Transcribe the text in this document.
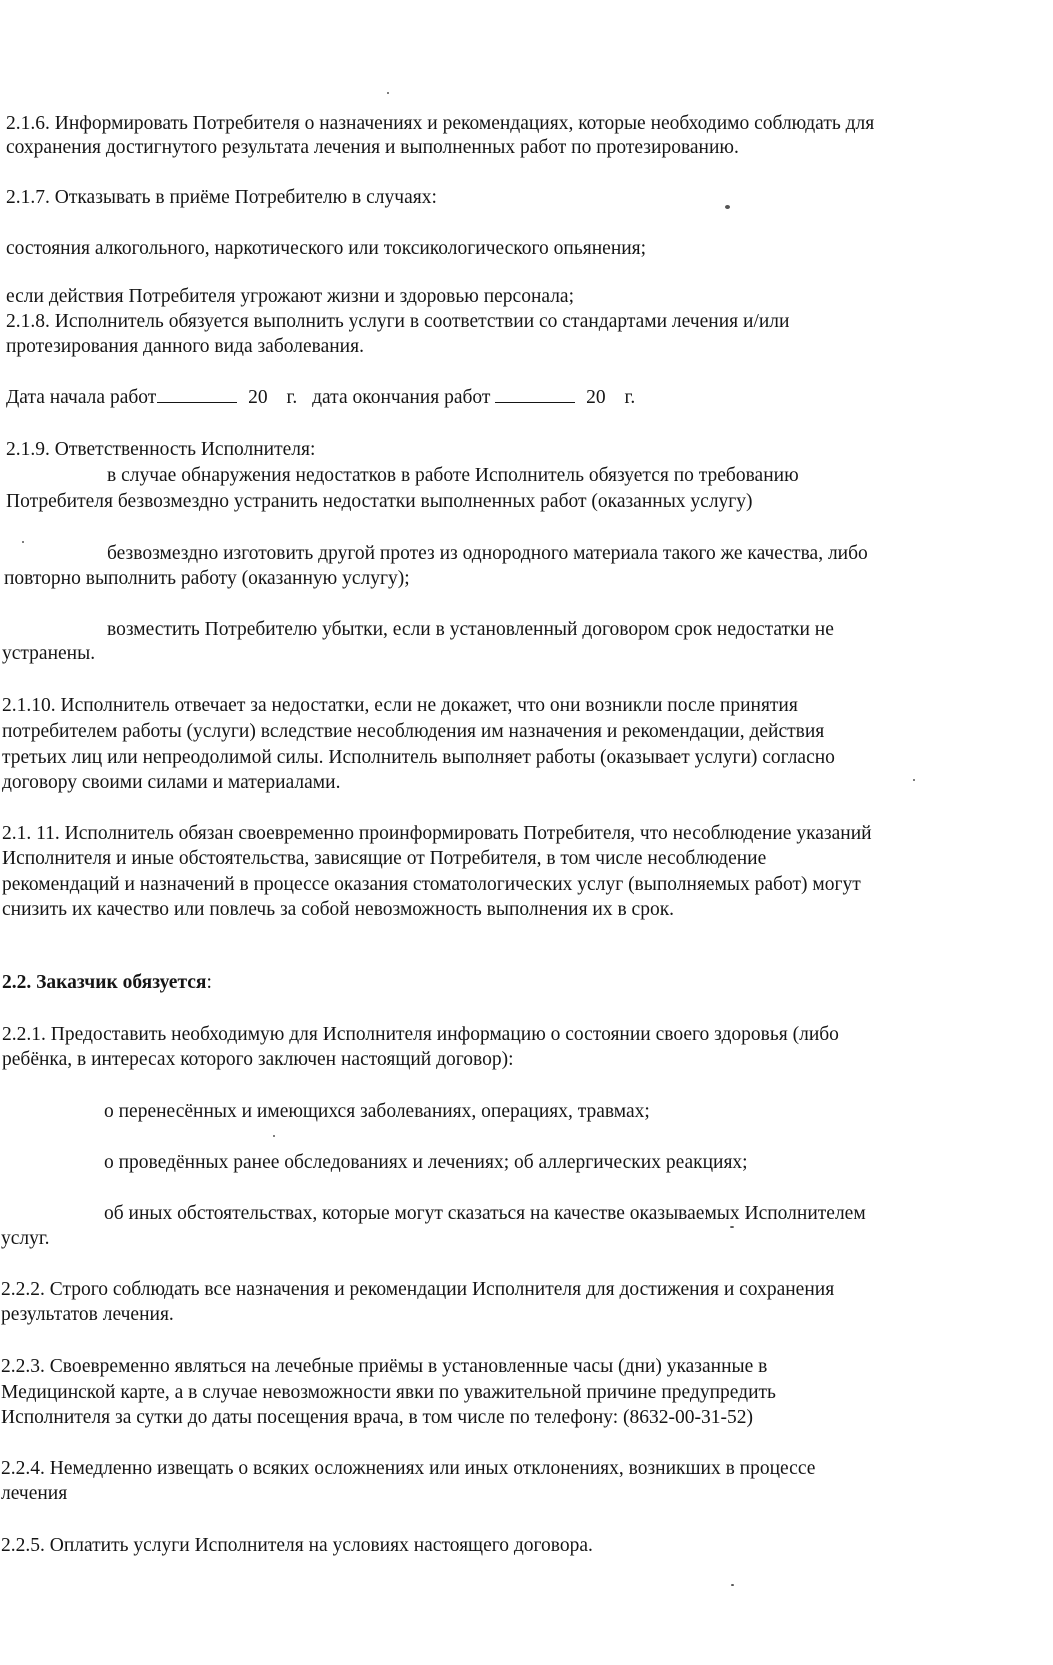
2.1.6. Информировать Потребителя о назначениях и рекомендациях, которые необходимо соблюдать для
сохранения достигнутого результата лечения и выполненных работ по протезированию.
2.1.7. Отказывать в приёме Потребителю в случаях:
состояния алкогольного, наркотического или токсикологического опьянения;
если действия Потребителя угрожают жизни и здоровью персонала;
2.1.8. Исполнитель обязуется выполнить услуги в соответствии со стандартами лечения и/или
протезирования данного вида заболевания.
Дата начала работ	20 г. дата окончания работ	20 г.
2.1.9. Ответственность Исполнителя:
в случае обнаружения недостатков в работе Исполнитель обязуется по требованию
Потребителя безвозмездно устранить недостатки выполненных работ (оказанных услугу)
безвозмездно изготовить другой протез из однородного материала такого же качества, либо
повторно выполнить работу (оказанную услугу);
возместить Потребителю убытки, если в установленный договором срок недостатки не
устранены.
2.1.10. Исполнитель отвечает за недостатки, если не докажет, что они возникли после принятия
потребителем работы (услуги) вследствие несоблюдения им назначения и рекомендации, действия
третьих лиц или непреодолимой силы. Исполнитель выполняет работы (оказывает услуги) согласно
договору своими силами и материалами.
2.1. 11. Исполнитель обязан своевременно проинформировать Потребителя, что несоблюдение указаний
Исполнителя и иные обстоятельства, зависящие от Потребителя, в том числе несоблюдение
рекомендаций и назначений в процессе оказания стоматологических услуг (выполняемых работ) могут
снизить их качество или повлечь за собой невозможность выполнения их в срок.
2.2. Заказчик обязуется:
2.2.1. Предоставить необходимую для Исполнителя информацию о состоянии своего здоровья (либо
ребёнка, в интересах которого заключен настоящий договор):
о перенесённых и имеющихся заболеваниях, операциях, травмах;
о проведённых ранее обследованиях и лечениях; об аллергических реакциях;
об иных обстоятельствах, которые могут сказаться на качестве оказываемых Исполнителем
услуг.
2.2.2. Строго соблюдать все назначения и рекомендации Исполнителя для достижения и сохранения
результатов лечения.
2.2.3. Своевременно являться на лечебные приёмы в установленные часы (дни) указанные в
Медицинской карте, а в случае невозможности явки по уважительной причине предупредить
Исполнителя за сутки до даты посещения врача, в том числе по телефону: (8632-00-31-52)
2.2.4. Немедленно извещать о всяких осложнениях или иных отклонениях, возникших в процессе
лечения
2.2.5. Оплатить услуги Исполнителя на условиях настоящего договора.
